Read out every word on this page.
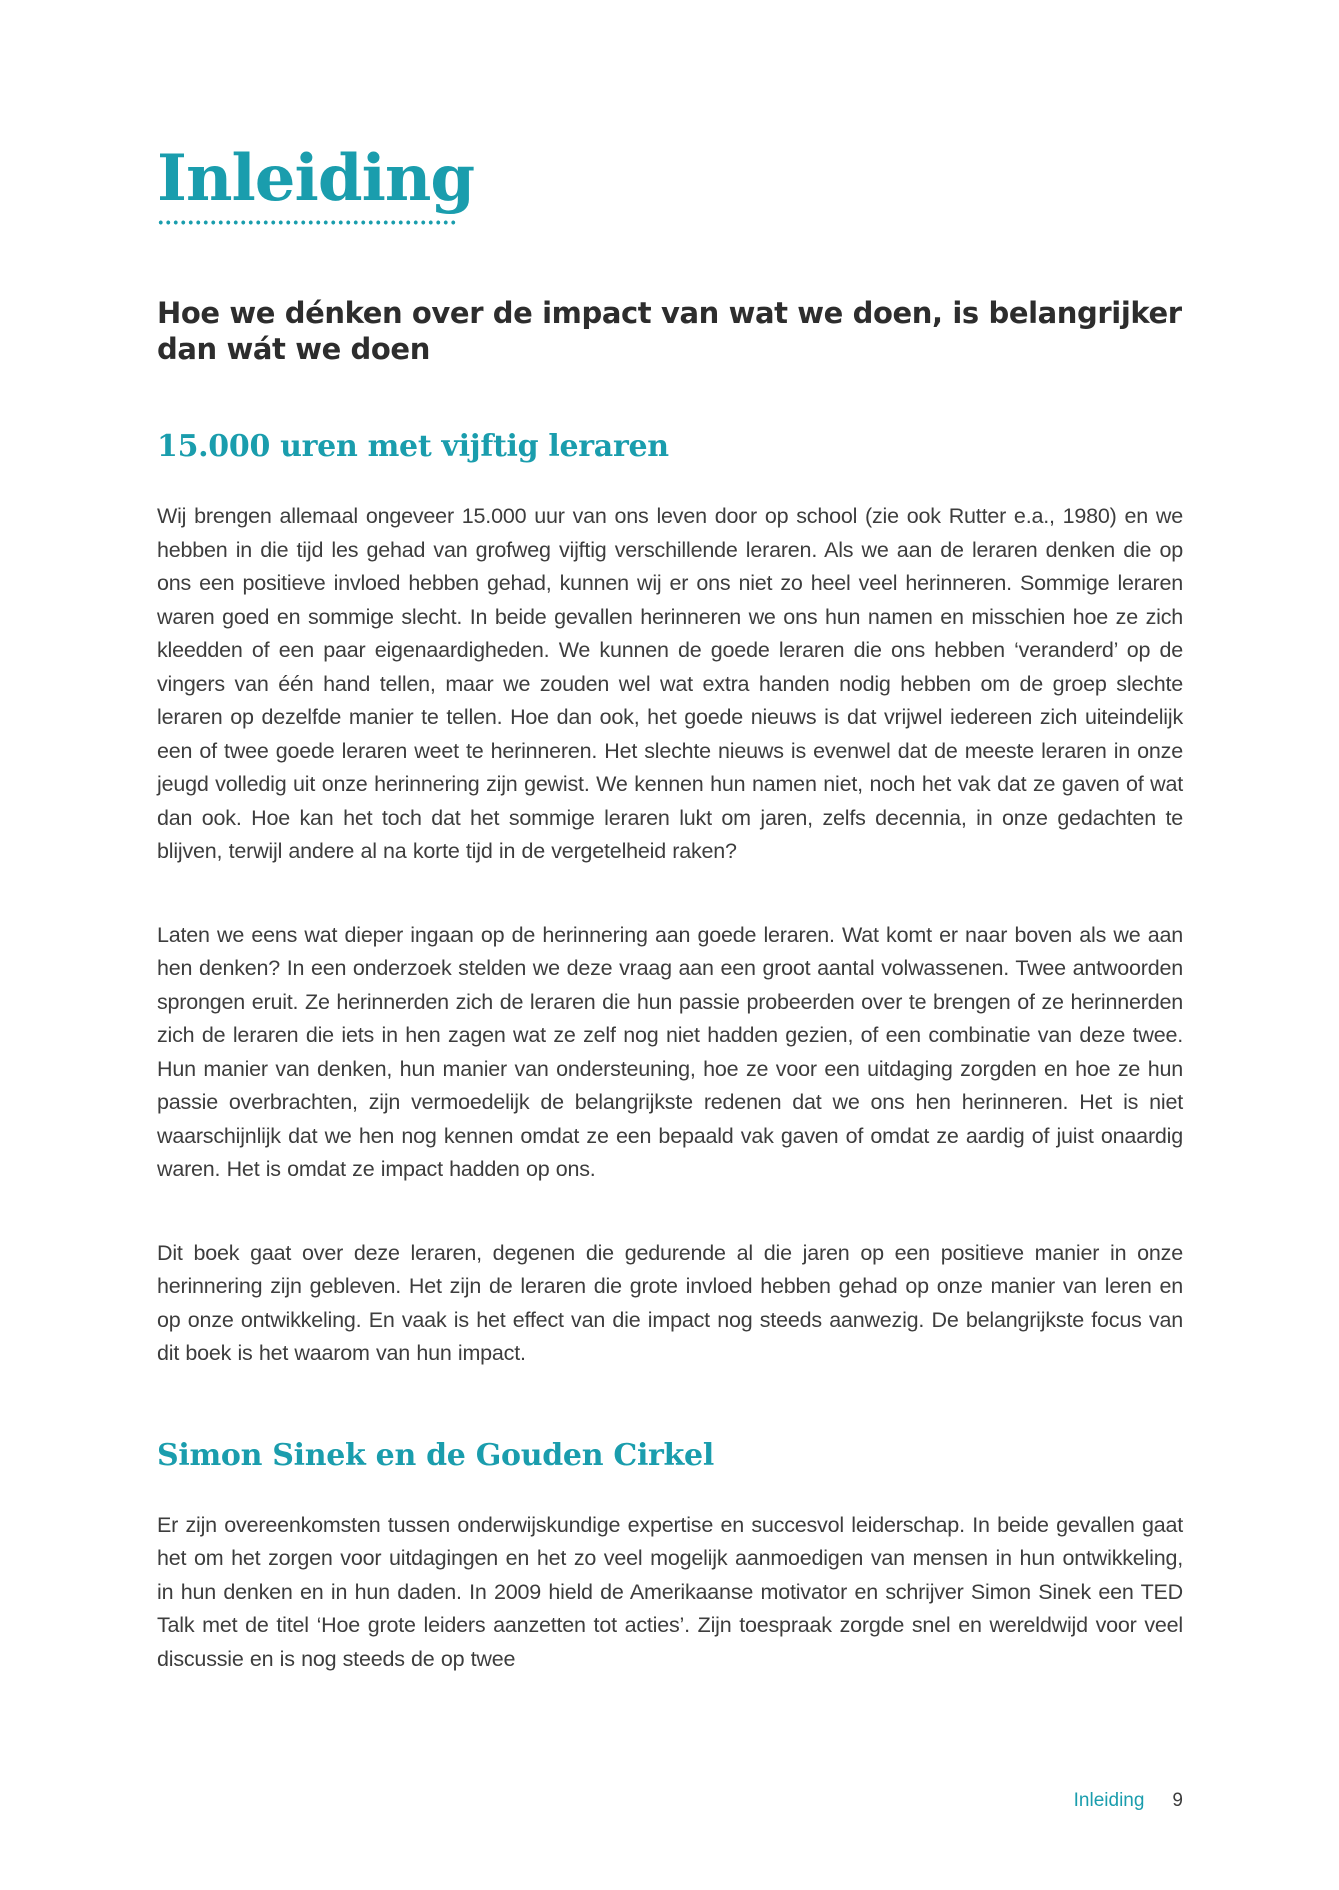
Inleiding
Hoe we dénken over de impact van wat we doen, is belangrijker dan wát we doen
15.000 uren met vijftig leraren

Wij brengen allemaal ongeveer 15.000 uur van ons leven door op school (zie ook Rutter e.a., 1980) en we hebben in die tijd les gehad van grofweg vijftig verschillende leraren. Als we aan de leraren denken die op ons een positieve invloed hebben gehad, kunnen wij er ons niet zo heel veel herinneren. Sommige leraren waren goed en sommige slecht. In beide gevallen herinneren we ons hun namen en misschien hoe ze zich kleedden of een paar eigenaardigheden. We kunnen de goede leraren die ons hebben ‘veranderd’ op de vingers van één hand tellen, maar we zouden wel wat extra handen nodig hebben om de groep slechte leraren op dezelfde manier te tellen. Hoe dan ook, het goede nieuws is dat vrijwel iedereen zich uiteindelijk een of twee goede leraren weet te herinneren. Het slechte nieuws is evenwel dat de meeste leraren in onze jeugd volledig uit onze herinnering zijn gewist. We kennen hun namen niet, noch het vak dat ze gaven of wat dan ook. Hoe kan het toch dat het sommige leraren lukt om jaren, zelfs decennia, in onze gedachten te blijven, terwijl andere al na korte tijd in de vergetelheid raken?

Laten we eens wat dieper ingaan op de herinnering aan goede leraren. Wat komt er naar boven als we aan hen denken? In een onderzoek stelden we deze vraag aan een groot aantal volwassenen. Twee antwoorden sprongen eruit. Ze herinnerden zich de leraren die hun passie probeerden over te brengen of ze herinnerden zich de leraren die iets in hen zagen wat ze zelf nog niet hadden gezien, of een combinatie van deze twee. Hun manier van denken, hun manier van ondersteuning, hoe ze voor een uitdaging zorgden en hoe ze hun passie overbrachten, zijn vermoedelijk de belangrijkste redenen dat we ons hen herinneren. Het is niet waarschijnlijk dat we hen nog kennen omdat ze een bepaald vak gaven of omdat ze aardig of juist onaardig waren. Het is omdat ze impact hadden op ons.

Dit boek gaat over deze leraren, degenen die gedurende al die jaren op een positieve manier in onze herinnering zijn gebleven. Het zijn de leraren die grote invloed hebben gehad op onze manier van leren en op onze ontwikkeling. En vaak is het effect van die impact nog steeds aanwezig. De belangrijkste focus van dit boek is het waarom van hun impact.

Simon Sinek en de Gouden Cirkel

Er zijn overeenkomsten tussen onderwijskundige expertise en succesvol leiderschap. In beide gevallen gaat het om het zorgen voor uitdagingen en het zo veel mogelijk aanmoedigen van mensen in hun ontwikkeling, in hun denken en in hun daden. In 2009 hield de Amerikaanse motivator en schrijver Simon Sinek een TED Talk met de titel ‘Hoe grote leiders aanzetten tot acties’. Zijn toespraak zorgde snel en wereldwijd voor veel discussie en is nog steeds de op twee

Inleiding 9
